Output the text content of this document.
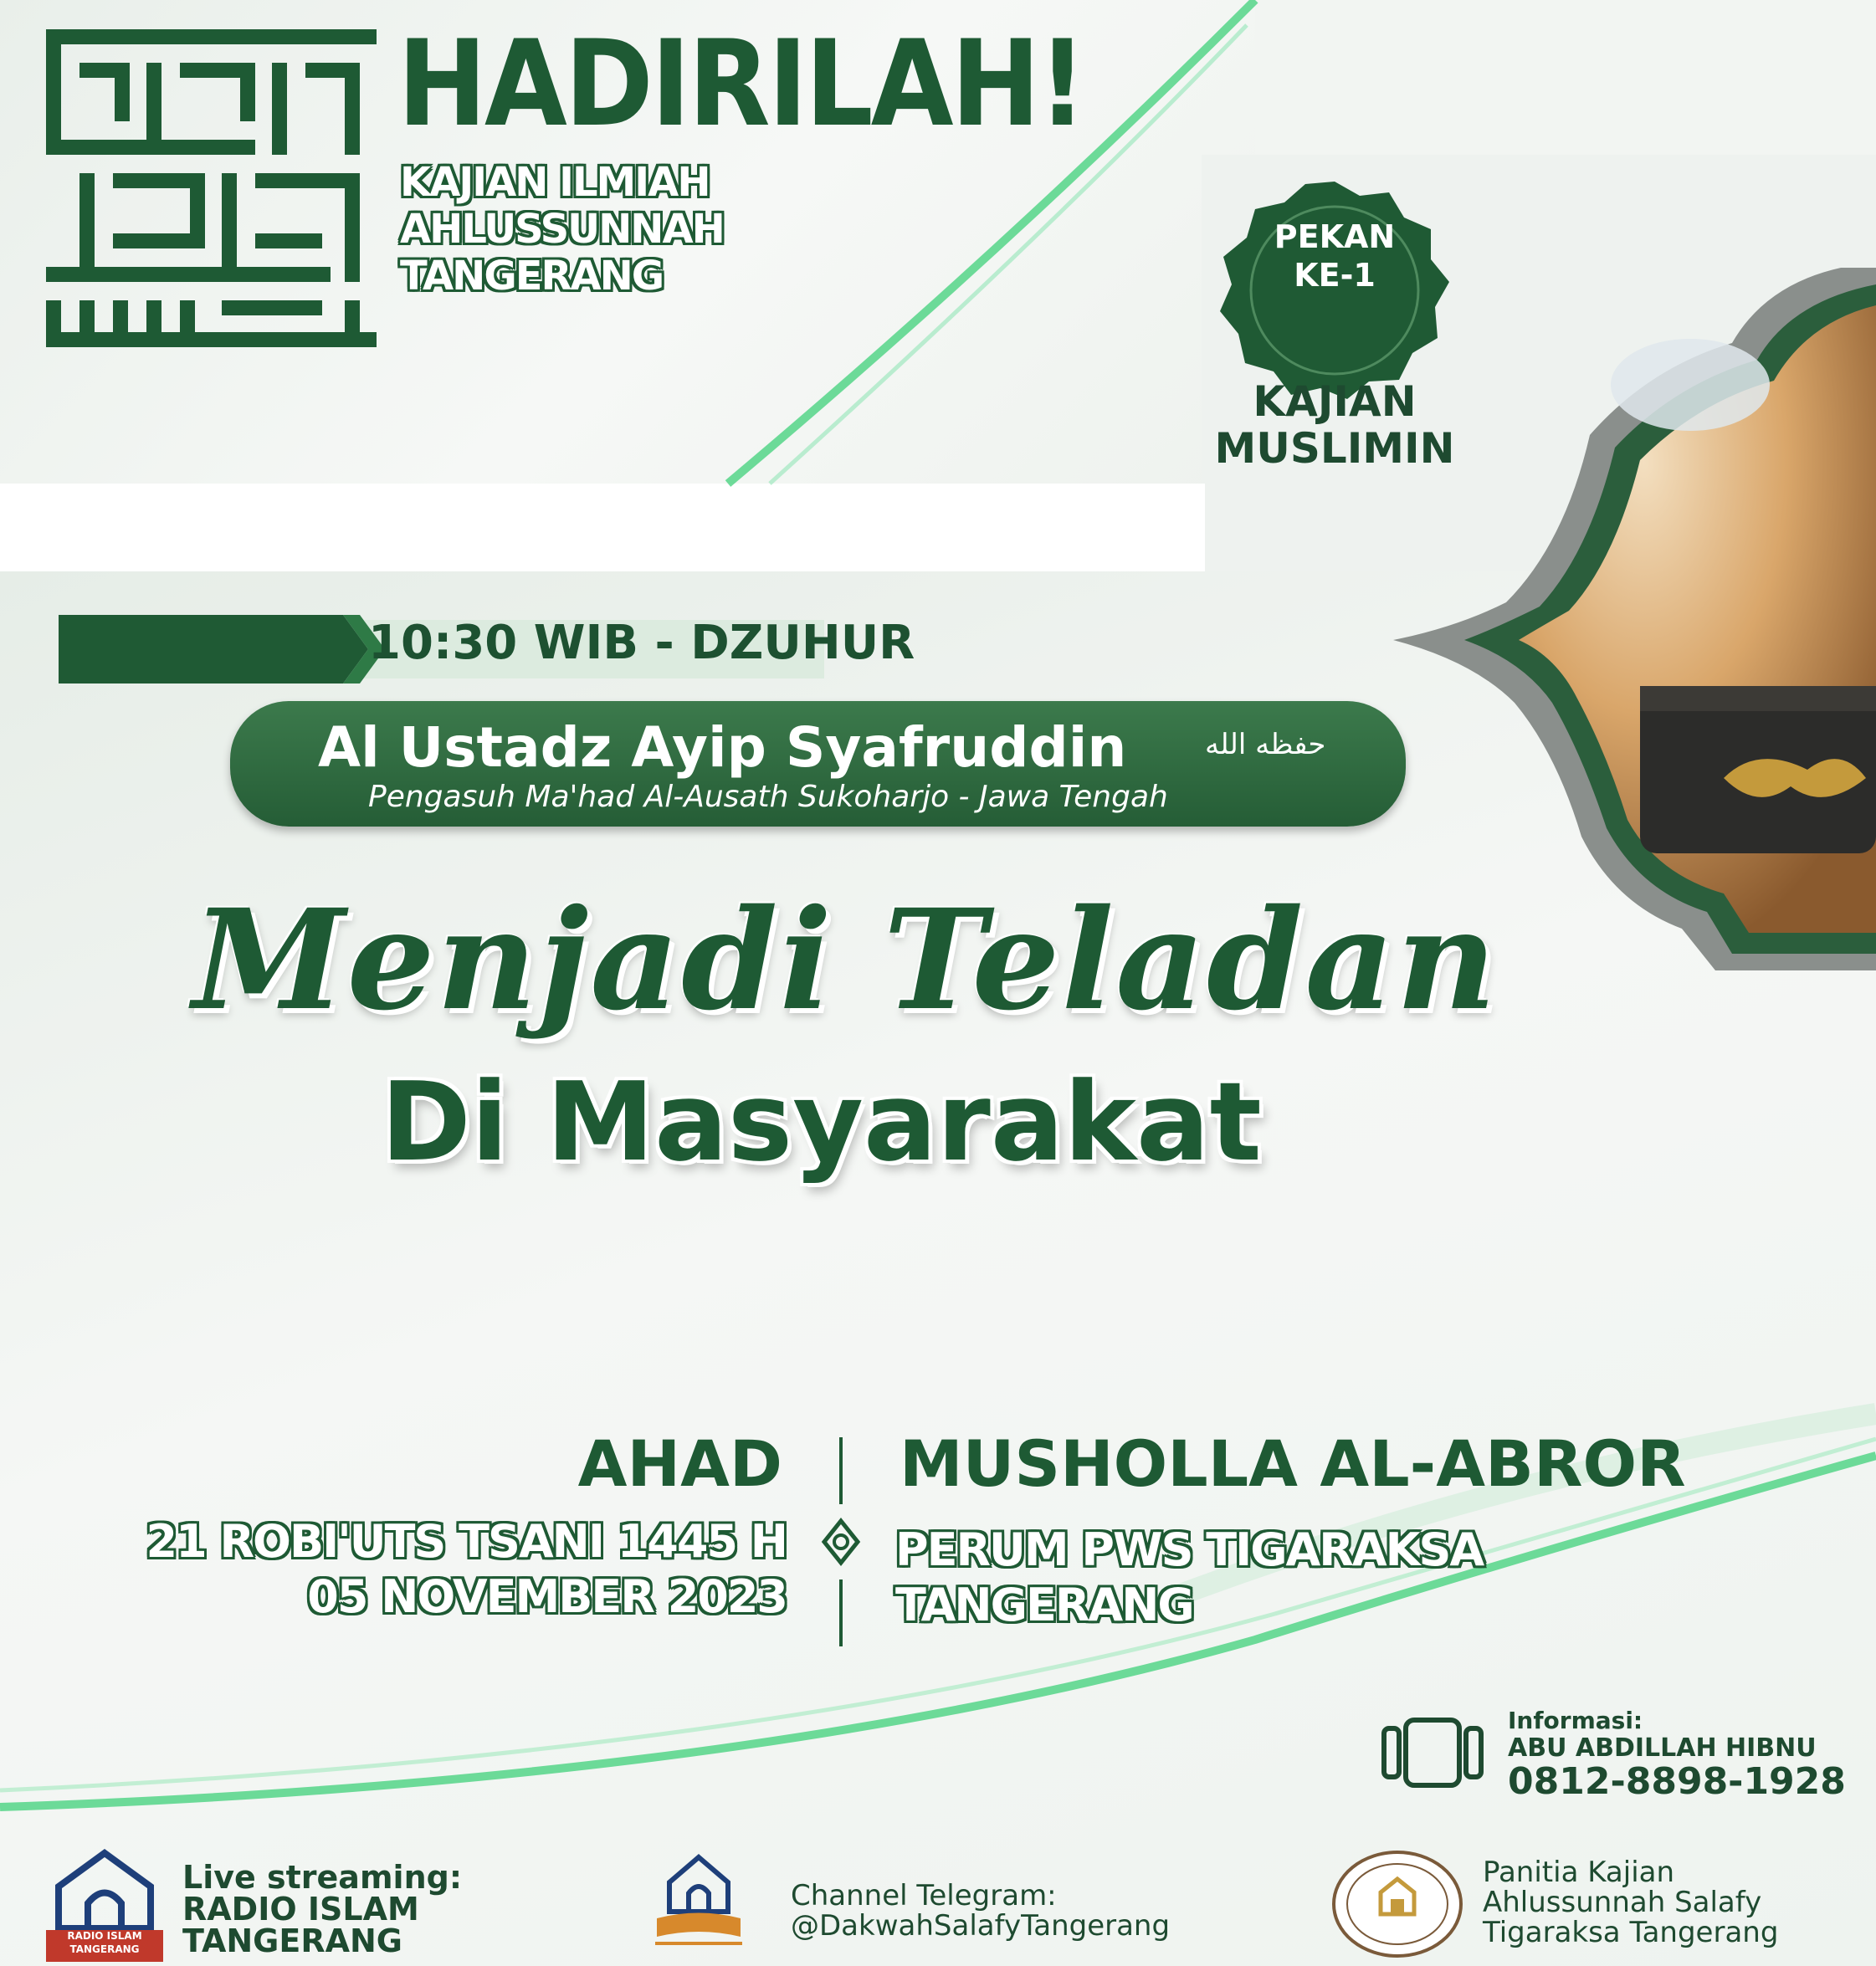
HADIRILAH!
KAJIAN ILMIAH
AHLUSSUNNAH
TANGERANG
PEKAN
KE-1
KAJIAN
MUSLIMIN
10:30 WIB - DZUHUR
Al Ustadz Ayip Syafruddin	حفظه الله
Pengasuh Ma'had Al-Ausath Sukoharjo - Jawa Tengah
Menjadi Teladan
Di Masyarakat
AHAD
21 ROBI'UTS TSANI 1445 H
05 NOVEMBER 2023
MUSHOLLA AL-ABROR
PERUM PWS TIGARAKSA
TANGERANG
Informasi:
ABU ABDILLAH HIBNU
0812-8898-1928
RADIO ISLAM
TANGERANG
Live streaming:
RADIO ISLAM
TANGERANG
Channel Telegram:
@DakwahSalafyTangerang
Panitia Kajian
Ahlussunnah Salafy
Tigaraksa Tangerang
